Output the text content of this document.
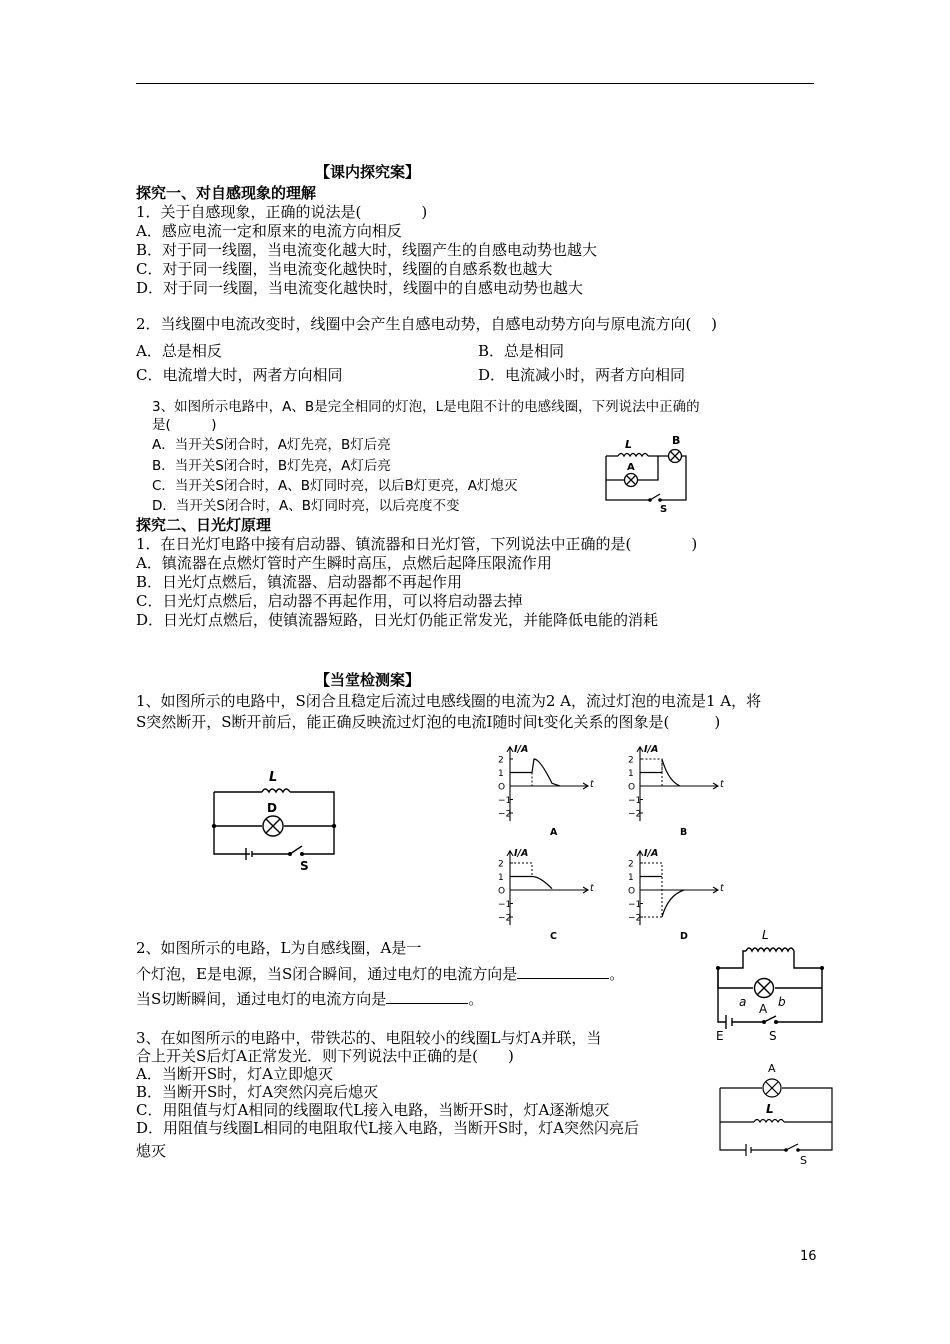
【课内探究案】
探究一、对自感现象的理解
1．关于自感现象，正确的说法是(　　　　)
A．感应电流一定和原来的电流方向相反
B．对于同一线圈，当电流变化越大时，线圈产生的自感电动势也越大
C．对于同一线圈，当电流变化越快时，线圈的自感系数也越大
D．对于同一线圈，当电流变化越快时，线圈中的自感电动势也越大
2．当线圈中电流改变时，线圈中会产生自感电动势，自感电动势方向与原电流方向(　 )
A．总是相反	B．总是相同
C．电流增大时，两者方向相同	D．电流减小时，两者方向相同
3、如图所示电路中，A、B是完全相同的灯泡，L是电阻不计的电感线圈，下列说法中正确的
是(　　　)
A．当开关S闭合时，A灯先亮，B灯后亮
B．当开关S闭合时，B灯先亮，A灯后亮
C．当开关S闭合时，A、B灯同时亮，以后B灯更亮，A灯熄灭
D．当开关S闭合时，A、B灯同时亮，以后亮度不变
L	B
A
S
探究二、日光灯原理
1．在日光灯电路中接有启动器、镇流器和日光灯管，下列说法中正确的是(　　　　)
A．镇流器在点燃灯管时产生瞬时高压，点燃后起降压限流作用
B．日光灯点燃后，镇流器、启动器都不再起作用
C．日光灯点燃后，启动器不再起作用，可以将启动器去掉
D．日光灯点燃后，使镇流器短路，日光灯仍能正常发光，并能降低电能的消耗
【当堂检测案】
1、如图所示的电路中，S闭合且稳定后流过电感线圈的电流为2 A，流过灯泡的电流是1 A，将
S突然断开，S断开前后，能正确反映流过灯泡的电流I随时间t变化关系的图象是(　　　)
L
D
S
I/A
t
2
1
O
−1
−2
A
I/A
t
2
1
O
−1
−2
B
I/A
t
2
1
O
−1
−2
C
I/A
t
2
1
O
−1
−2
D
2、如图所示的电路，L为自感线圈，A是一
个灯泡，E是电源，当S闭合瞬间，通过电灯的电流方向是	。
当S切断瞬间，通过电灯的电流方向是	。
L
a A b
E	S
3、在如图所示的电路中，带铁芯的、电阻较小的线圈L与灯A并联，当
合上开关S后灯A正常发光．则下列说法中正确的是(　　)
A．当断开S时，灯A立即熄灭
B．当断开S时，灯A突然闪亮后熄灭
C．用阻值与灯A相同的线圈取代L接入电路，当断开S时，灯A逐渐熄灭
D．用阻值与线圈L相同的电阻取代L接入电路，当断开S时，灯A突然闪亮后
熄灭
A
L
S
16
